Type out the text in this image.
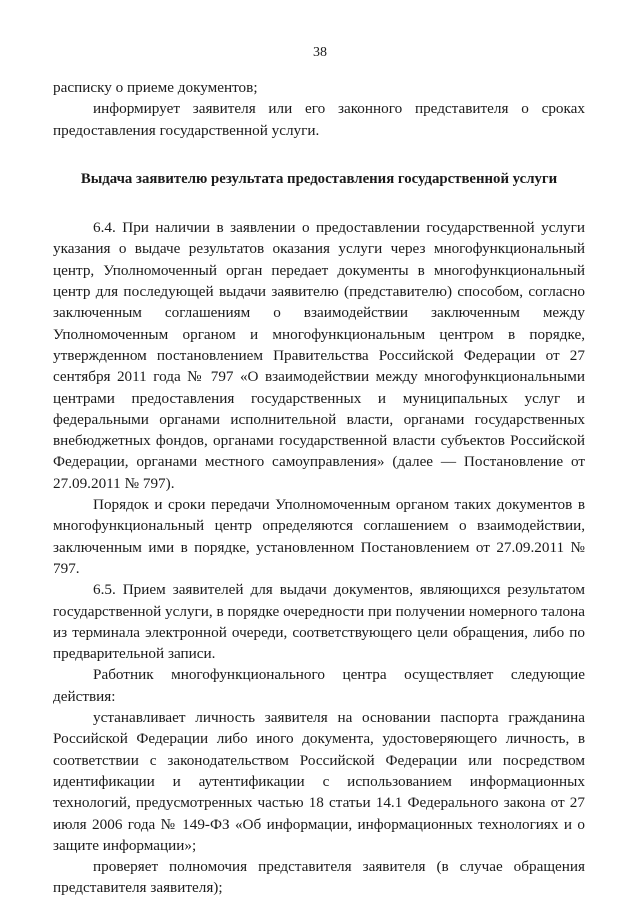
38

расписку о приеме документов;

информирует заявителя или его законного представителя о сроках предоставления государственной услуги.

Выдача заявителю результата предоставления государственной услуги

6.4. При наличии в заявлении о предоставлении государственной услуги указания о выдаче результатов оказания услуги через многофункциональный центр, Уполномоченный орган передает документы в многофункциональный центр для последующей выдачи заявителю (представителю) способом, согласно заключенным соглашениям о взаимодействии заключенным между Уполномоченным органом и многофункциональным центром в порядке, утвержденном постановлением Правительства Российской Федерации от 27 сентября 2011 года № 797 «О взаимодействии между многофункциональными центрами предоставления государственных и муниципальных услуг и федеральными органами исполнительной власти, органами государственных внебюджетных фондов, органами государственной власти субъектов Российской Федерации, органами местного самоуправления» (далее — Постановление от 27.09.2011 № 797).

Порядок и сроки передачи Уполномоченным органом таких документов в многофункциональный центр определяются соглашением о взаимодействии, заключенным ими в порядке, установленном Постановлением от 27.09.2011 № 797.

6.5. Прием заявителей для выдачи документов, являющихся результатом государственной услуги, в порядке очередности при получении номерного талона из терминала электронной очереди, соответствующего цели обращения, либо по предварительной записи.

Работник многофункционального центра осуществляет следующие действия:

устанавливает личность заявителя на основании паспорта гражданина Российской Федерации либо иного документа, удостоверяющего личность, в соответствии с законодательством Российской Федерации или посредством идентификации и аутентификации с использованием информационных технологий, предусмотренных частью 18 статьи 14.1 Федерального закона от 27 июля 2006 года № 149-ФЗ «Об информации, информационных технологиях и о защите информации»;

проверяет полномочия представителя заявителя (в случае обращения представителя заявителя);
